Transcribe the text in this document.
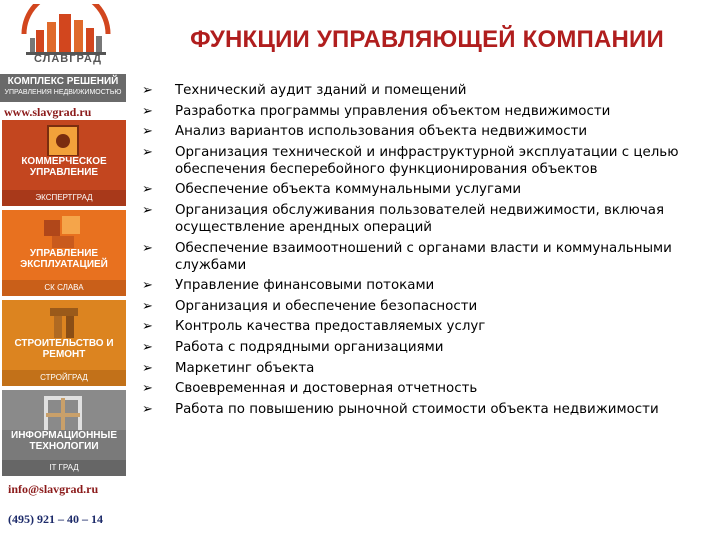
СЛАВГРАД
КОМПЛЕКС РЕШЕНИЙ
УПРАВЛЕНИЯ НЕДВИЖИМОСТЬЮ
www.slavgrad.ru
КОММЕРЧЕСКОЕ УПРАВЛЕНИЕ
ЭКСПЕРТГРАД
УПРАВЛЕНИЕ ЭКСПЛУАТАЦИЕЙ
СК СЛАВА
СТРОИТЕЛЬСТВО И РЕМОНТ
СТРОЙГРАД
ИНФОРМАЦИОННЫЕ ТЕХНОЛОГИИ
IT ГРАД
info@slavgrad.ru
(495) 921 – 40 – 14
ФУНКЦИИ УПРАВЛЯЮЩЕЙ КОМПАНИИ
➢ Технический аудит зданий и помещений
➢ Разработка программы управления объектом недвижимости
➢ Анализ вариантов использования объекта недвижимости
➢ Организация технической и инфраструктурной эксплуатации с целью обеспечения бесперебойного функционирования объектов
➢ Обеспечение объекта коммунальными услугами
➢ Организация обслуживания пользователей недвижимости, включая осуществление арендных операций
➢ Обеспечение взаимоотношений с органами власти и коммунальными службами
➢ Управление финансовыми потоками
➢ Организация и обеспечение безопасности
➢ Контроль качества предоставляемых услуг
➢ Работа с подрядными организациями
➢ Маркетинг объекта
➢ Своевременная и достоверная отчетность
➢ Работа по повышению рыночной стоимости объекта недвижимости
